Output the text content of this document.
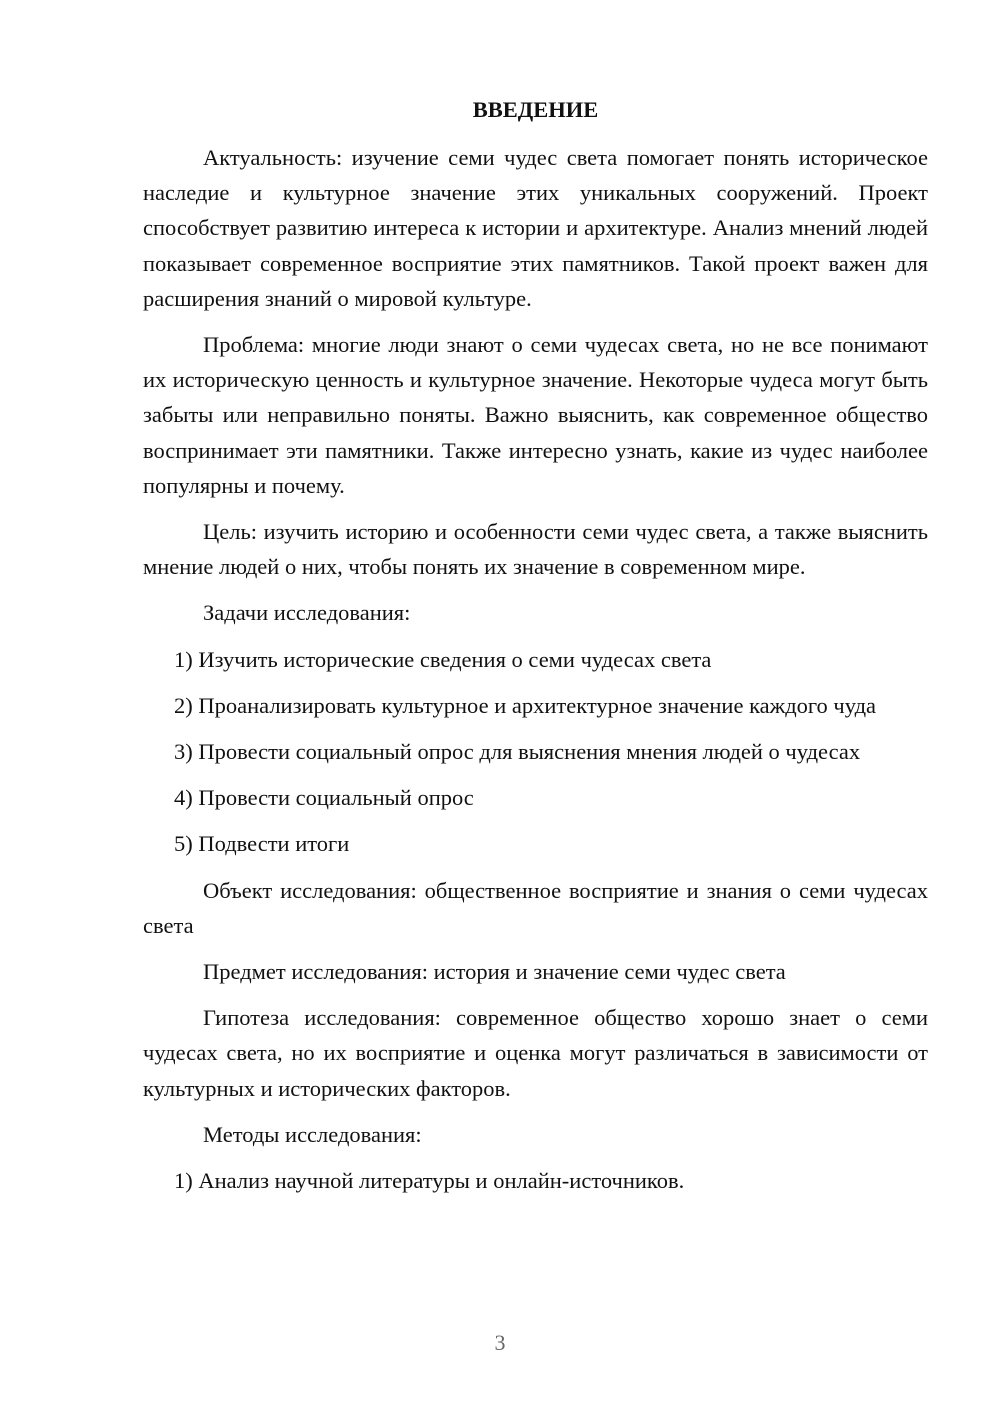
ВВЕДЕНИЕ

Актуальность: изучение семи чудес света помогает понять историческое наследие и культурное значение этих уникальных сооружений. Проект способствует развитию интереса к истории и архитектуре. Анализ мнений людей показывает современное восприятие этих памятников. Такой проект важен для расширения знаний о мировой культуре.

Проблема: многие люди знают о семи чудесах света, но не все понимают их историческую ценность и культурное значение. Некоторые чудеса могут быть забыты или неправильно поняты. Важно выяснить, как современное общество воспринимает эти памятники. Также интересно узнать, какие из чудес наиболее популярны и почему.

Цель: изучить историю и особенности семи чудес света, а также выяснить мнение людей о них, чтобы понять их значение в современном мире.

Задачи исследования:

1) Изучить исторические сведения о семи чудесах света

2) Проанализировать культурное и архитектурное значение каждого чуда

3) Провести социальный опрос для выяснения мнения людей о чудесах

4) Провести социальный опрос

5) Подвести итоги

Объект исследования: общественное восприятие и знания о семи чудесах света

Предмет исследования: история и значение семи чудес света

Гипотеза исследования: современное общество хорошо знает о семи чудесах света, но их восприятие и оценка могут различаться в зависимости от культурных и исторических факторов.

Методы исследования:

1) Анализ научной литературы и онлайн-источников.

3
